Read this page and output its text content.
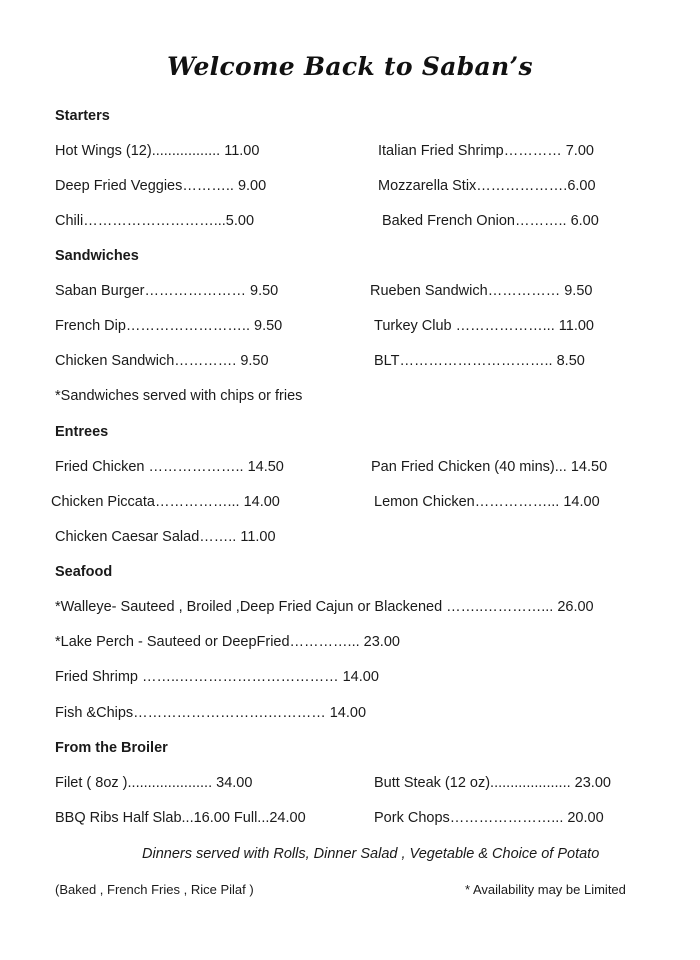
Welcome Back to Saban’s
Starters
Hot Wings (12)................. 11.00	Italian Fried Shrimp………… 7.00
Deep Fried Veggies……….. 9.00	Mozzarella Stix……………….6.00
Chili………………………...5.00	Baked French Onion……….. 6.00
Sandwiches
Saban Burger………………… 9.50	Rueben Sandwich…………… 9.50
French Dip…………………….. 9.50	Turkey Club ………………... 11.00
Chicken Sandwich…………. 9.50	BLT………………………….. 8.50
*Sandwiches served with chips or fries
Entrees
Fried Chicken ……………….. 14.50	Pan Fried Chicken (40 mins)... 14.50
Chicken Piccata……………... 14.00	Lemon Chicken……………... 14.00
Chicken Caesar Salad…….. 11.00
Seafood
*Walleye- Sauteed , Broiled ,Deep Fried Cajun or Blackened ……..…………... 26.00
*Lake Perch - Sauteed or DeepFried…………... 23.00
Fried Shrimp ……..…………………………… 14.00
Fish &Chips……………………….………… 14.00
From the Broiler
Filet ( 8oz )..................... 34.00	Butt Steak (12 oz).................... 23.00
BBQ Ribs Half Slab...16.00 Full...24.00	Pork Chops…………………... 20.00
Dinners served with Rolls, Dinner Salad , Vegetable & Choice of Potato
(Baked , French Fries , Rice Pilaf )	* Availability may be Limited
